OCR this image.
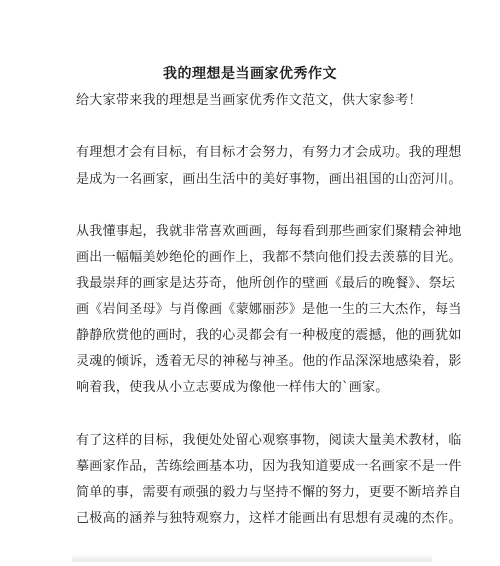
我的理想是当画家优秀作文
给大家带来我的理想是当画家优秀作文范文，供大家参考！
有理想才会有目标，有目标才会努力，有努力才会成功。我的理想
是成为一名画家，画出生活中的美好事物，画出祖国的山峦河川。
从我懂事起，我就非常喜欢画画，每每看到那些画家们聚精会神地
画出一幅幅美妙绝伦的画作上，我都不禁向他们投去羡慕的目光。
我最崇拜的画家是达芬奇，他所创作的壁画《最后的晚餐》、祭坛
画《岩间圣母》与肖像画《蒙娜丽莎》是他一生的三大杰作，每当
静静欣赏他的画时，我的心灵都会有一种极度的震撼，他的画犹如
灵魂的倾诉，透着无尽的神秘与神圣。他的作品深深地感染着，影
响着我，使我从小立志要成为像他一样伟大的`画家。
有了这样的目标，我便处处留心观察事物，阅读大量美术教材，临
摹画家作品，苦练绘画基本功，因为我知道要成一名画家不是一件
简单的事，需要有顽强的毅力与坚持不懈的努力，更要不断培养自
己极高的涵养与独特观察力，这样才能画出有思想有灵魂的杰作。
